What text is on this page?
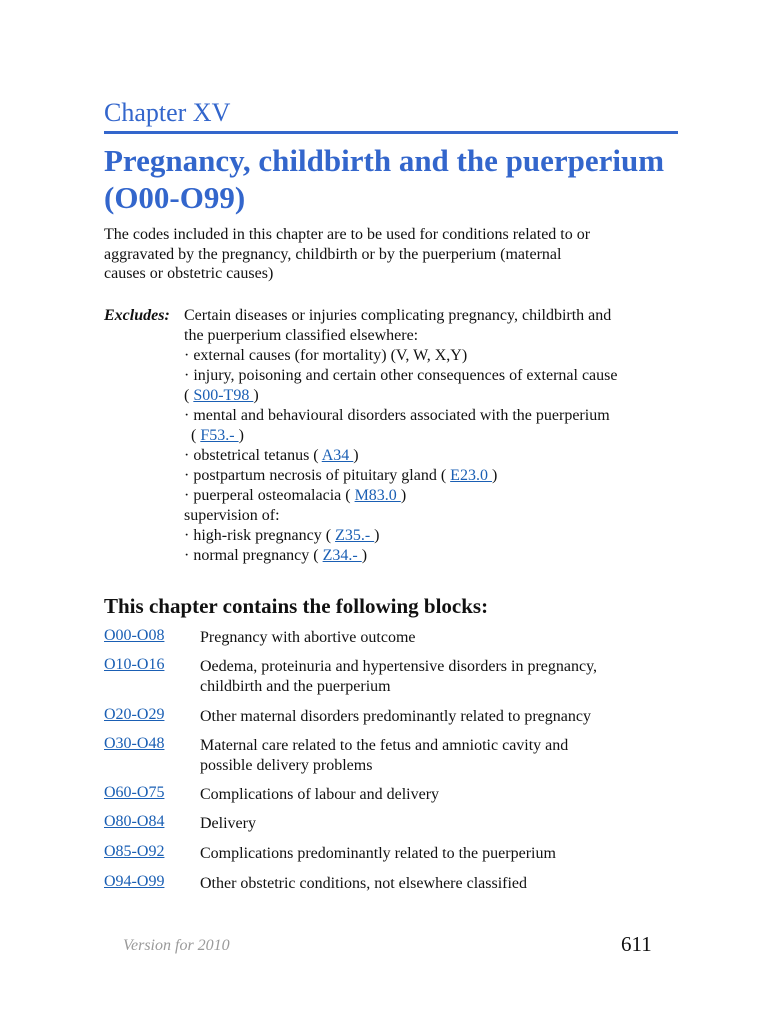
Chapter XV
Pregnancy, childbirth and the puerperium
(O00-O99)
The codes included in this chapter are to be used for conditions related to or
aggravated by the pregnancy, childbirth or by the puerperium (maternal
causes or obstetric causes)
Excludes: Certain diseases or injuries complicating pregnancy, childbirth and
the puerperium classified elsewhere:
· external causes (for mortality) (V, W, X,Y)
· injury, poisoning and certain other consequences of external cause
( S00-T98 )
· mental and behavioural disorders associated with the puerperium
( F53.- )
· obstetrical tetanus ( A34 )
· postpartum necrosis of pituitary gland ( E23.0 )
· puerperal osteomalacia ( M83.0 )
supervision of:
· high-risk pregnancy ( Z35.- )
· normal pregnancy ( Z34.- )
This chapter contains the following blocks:
O00-O08 Pregnancy with abortive outcome
O10-O16 Oedema, proteinuria and hypertensive disorders in pregnancy,
childbirth and the puerperium
O20-O29 Other maternal disorders predominantly related to pregnancy
O30-O48 Maternal care related to the fetus and amniotic cavity and
possible delivery problems
O60-O75 Complications of labour and delivery
O80-O84 Delivery
O85-O92 Complications predominantly related to the puerperium
O94-O99 Other obstetric conditions, not elsewhere classified
Version for 2010	611
